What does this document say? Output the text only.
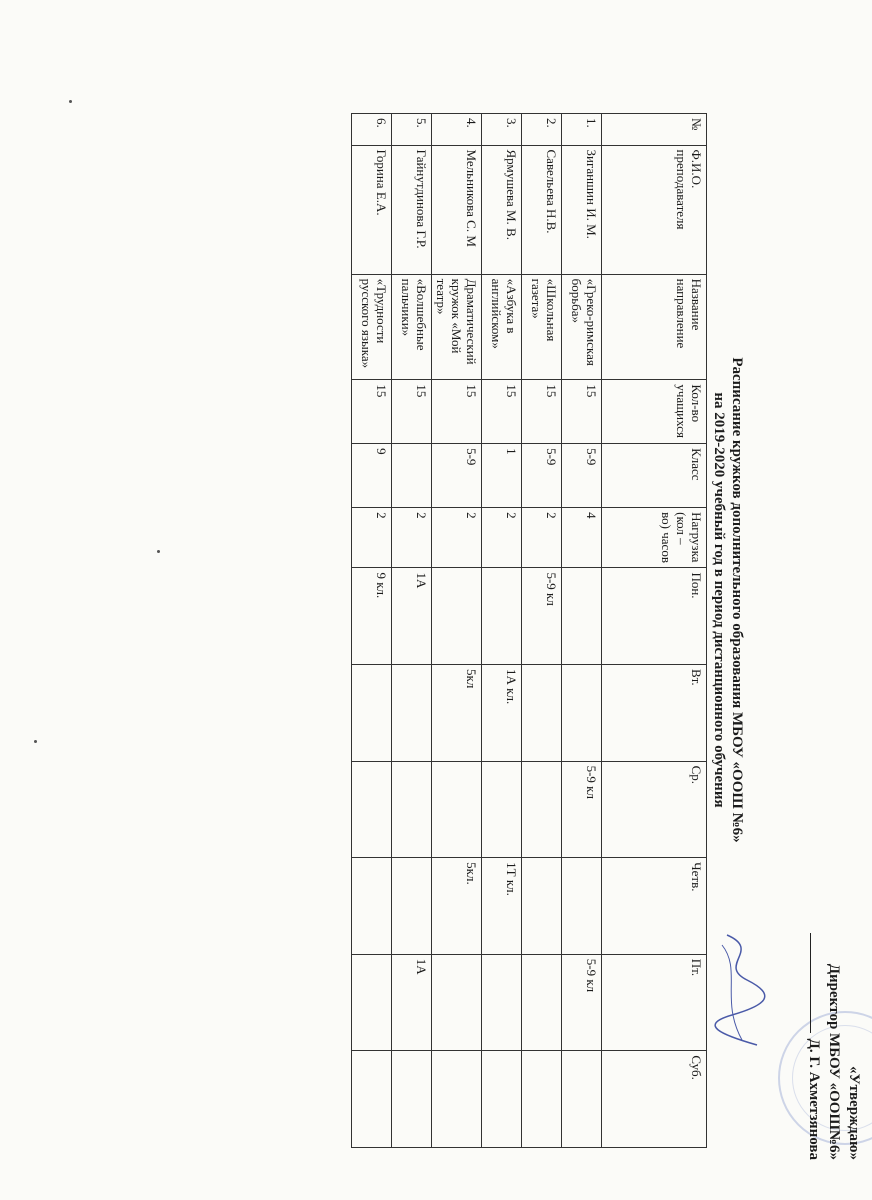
«Утверждаю»
Директор МБОУ «ООШ№6»
Д. Г. Ахметзянова
Расписание кружков дополнительного образования МБОУ «ООШ №6»
на 2019-2020 учебный год в период дистанционного обучения
№	Ф.И.О. преподавателя	Название направление	Кол-во учащихся	Класс	Нагрузка (кол – во) часов	Пон.	Вт.	Ср.	Четв.	Пт.	Суб.
1.	Зиганшин И. М.	«Греко-римская борьба»	15	5-9	4			5-9 кл		5-9 кл	
2.	Савельева Н.В.	«Школьная газета»	15	5-9	2	5-9 кл					
3.	Ярмушева М. В.	«Азбука в английском»	15	1	2		1А кл.		1Т кл.		
4.	Мельникова С. М	Драматический кружок «Мой театр»	15	5-9	2		5кл		5кл.		
5.	Гайнутдинова Г.Р.	«Волшебные пальчики»	15		2	1А				1А	
6.	Горина Е.А.	«Трудности русского языка»	15	9	2	9 кл.					
